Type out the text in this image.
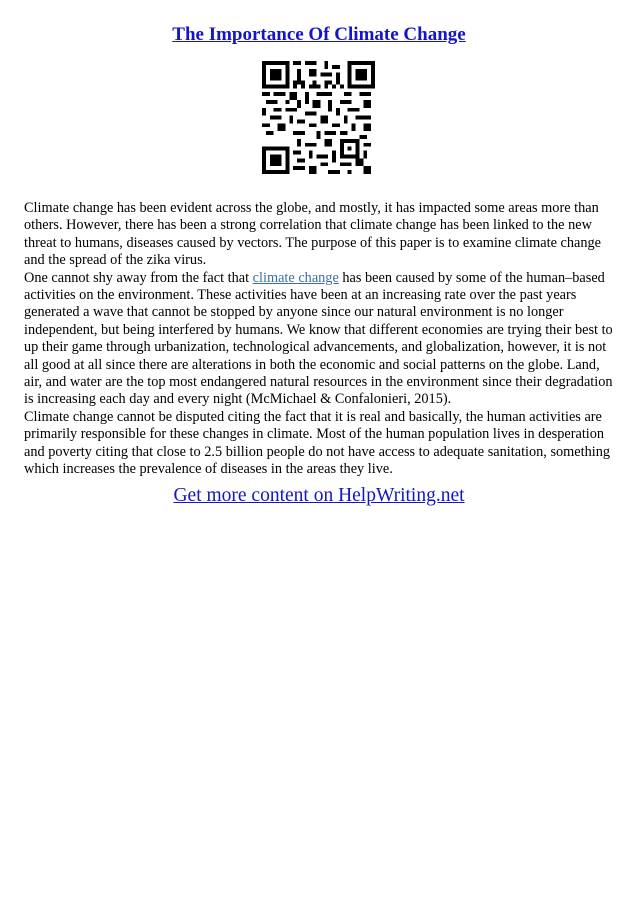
The Importance Of Climate Change

Climate change has been evident across the globe, and mostly, it has impacted some areas more than others. However, there has been a strong correlation that climate change has been linked to the new threat to humans, diseases caused by vectors. The purpose of this paper is to examine climate change and the spread of the zika virus.

One cannot shy away from the fact that climate change has been caused by some of the human–based activities on the environment. These activities have been at an increasing rate over the past years generated a wave that cannot be stopped by anyone since our natural environment is no longer independent, but being interfered by humans. We know that different economies are trying their best to up their game through urbanization, technological advancements, and globalization, however, it is not all good at all since there are alterations in both the economic and social patterns on the globe. Land, air, and water are the top most endangered natural resources in the environment since their degradation is increasing each day and every night (McMichael & Confalonieri, 2015).

Climate change cannot be disputed citing the fact that it is real and basically, the human activities are primarily responsible for these changes in climate. Most of the human population lives in desperation and poverty citing that close to 2.5 billion people do not have access to adequate sanitation, something which increases the prevalence of diseases in the areas they live.

Get more content on HelpWriting.net
